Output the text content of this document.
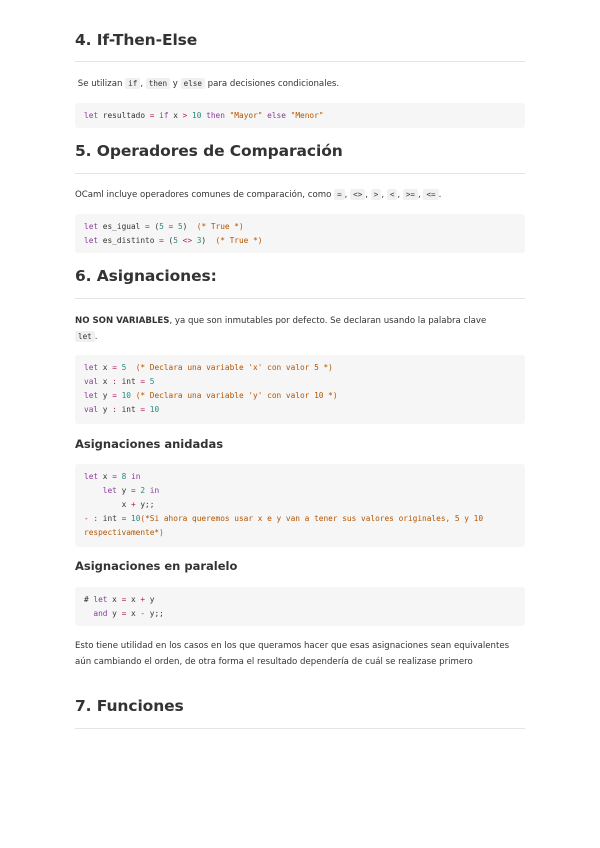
4. If-Then-Else

Se utilizan if , then y else para decisiones condicionales.

let resultado = if x > 10 then "Mayor" else "Menor"
5. Operadores de Comparación

OCaml incluye operadores comunes de comparación, como = , <> , > , < , >= , <= .

let es_igual = (5 = 5)  (* True *)
let es_distinto = (5 <> 3)  (* True *)
6. Asignaciones:

NO SON VARIABLES, ya que son inmutables por defecto. Se declaran usando la palabra clave
let .

let x = 5 (* Declara una variable 'x' con valor 5 *)
val x : int = 5
let y = 10 (* Declara una variable 'y' con valor 10 *)
val y : int = 10
Asignaciones anidadas
let x = 8 in
let y = 2 in
x + y;;
- : int = 10(*Si ahora queremos usar x e y van a tener sus valores originales, 5 y 10 respectivamente*)
Asignaciones en paralelo
# let x = x + y
and y = x - y;;

Esto tiene utilidad en los casos en los que queramos hacer que esas asignaciones sean equivalentes aún cambiando el orden, de otra forma el resultado dependería de cuál se realizase primero

7. Funciones
